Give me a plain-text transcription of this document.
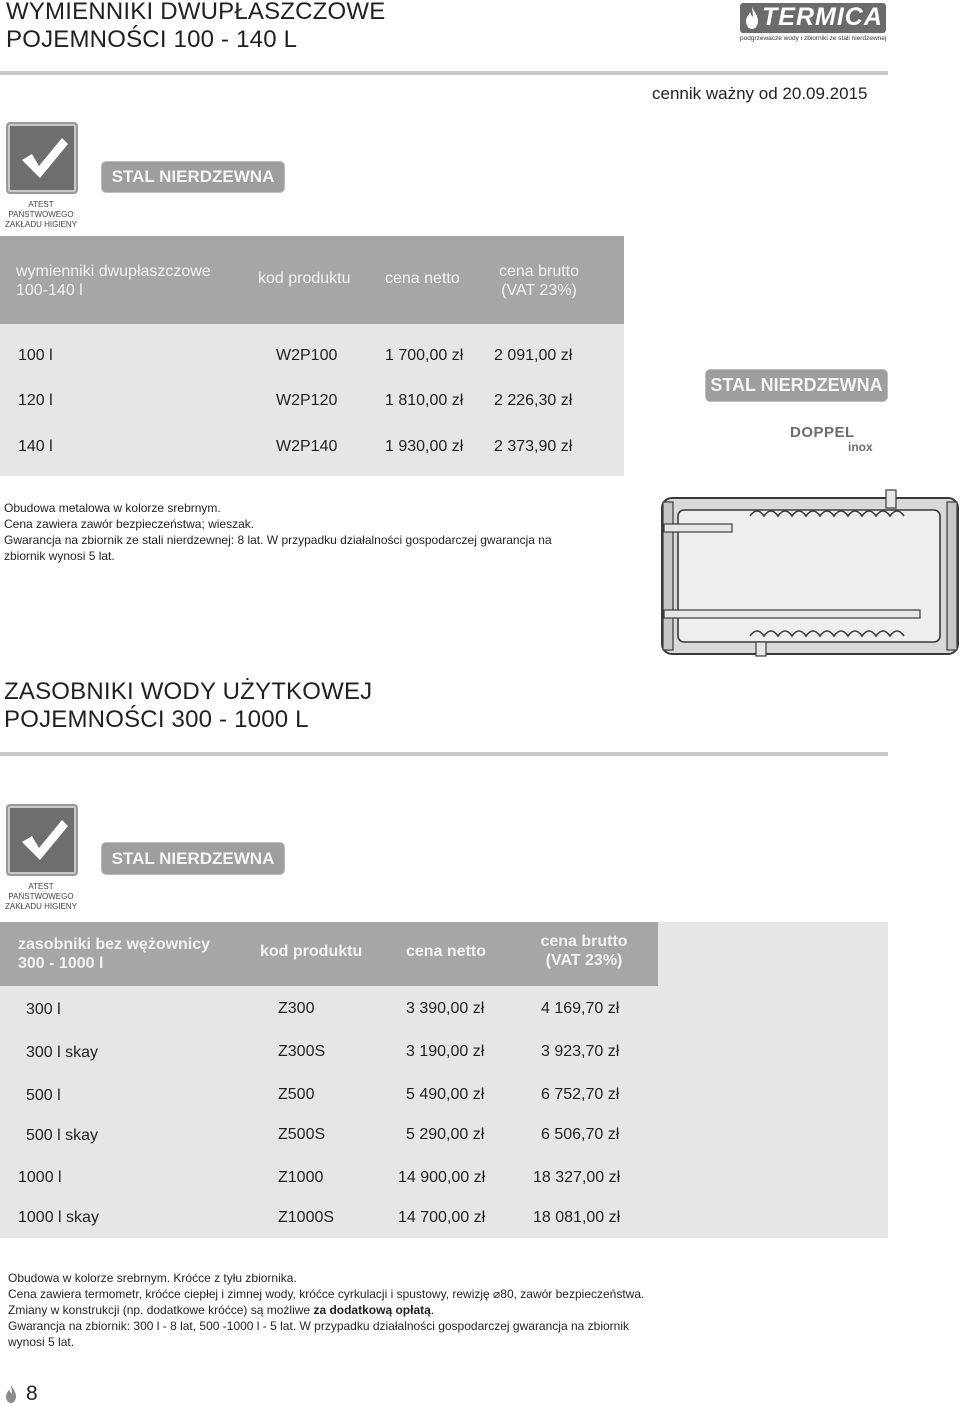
WYMIENNIKI DWUPŁASZCZOWE
POJEMNOŚCI 100 - 140 L
TERMICA
podgrzewacze wody i zbiorniki ze stali nierdzewnej
cennik ważny od 20.09.2015
STAL NIERDZEWNA
ATEST PAŃSTWOWEGO
ZAKŁADU HIGIENY
wymienniki dwupłaszczowe
100-140 l
kod produktu cena netto	cena brutto
(VAT 23%)
100 l	W2P100	1 700,00 zł 2 091,00 zł
120 l	W2P120	1 810,00 zł 2 226,30 zł
140 l	W2P140	1 930,00 zł 2 373,90 zł
STAL NIERDZEWNA
DOPPEL
inox
Obudowa metalowa w kolorze srebrnym.
Cena zawiera zawór bezpieczeństwa; wieszak.
Gwarancja na zbiornik ze stali nierdzewnej: 8 lat. W przypadku działalności gospodarczej gwarancja na
zbiornik wynosi 5 lat.
ZASOBNIKI WODY UŻYTKOWEJ
POJEMNOŚCI 300 - 1000 L
STAL NIERDZEWNA
ATEST PAŃSTWOWEGO
ZAKŁADU HIGIENY
zasobniki bez wężownicy
300 - 1000 l
kod produktu	cena netto
cena brutto
(VAT 23%)
300 l	Z300	3 390,00 zł	4 169,70 zł
300 l skay	Z300S	3 190,00 zł	3 923,70 zł
500 l	Z500	5 490,00 zł	6 752,70 zł
500 l skay	Z500S	5 290,00 zł	6 506,70 zł
1000 l	Z1000	14 900,00 zł	18 327,00 zł
1000 l skay	Z1000S	14 700,00 zł	18 081,00 zł
Obudowa w kolorze srebrnym. Króćce z tyłu zbiornika.
Cena zawiera termometr, króćce ciepłej i zimnej wody, króćce cyrkulacji i spustowy, rewizję ⌀80, zawór bezpieczeństwa.
Zmiany w konstrukcji (np. dodatkowe króćce) są możliwe za dodatkową opłatą.
Gwarancja na zbiornik: 300 l - 8 lat, 500 -1000 l - 5 lat. W przypadku działalności gospodarczej gwarancja na zbiornik
wynosi 5 lat.
8
